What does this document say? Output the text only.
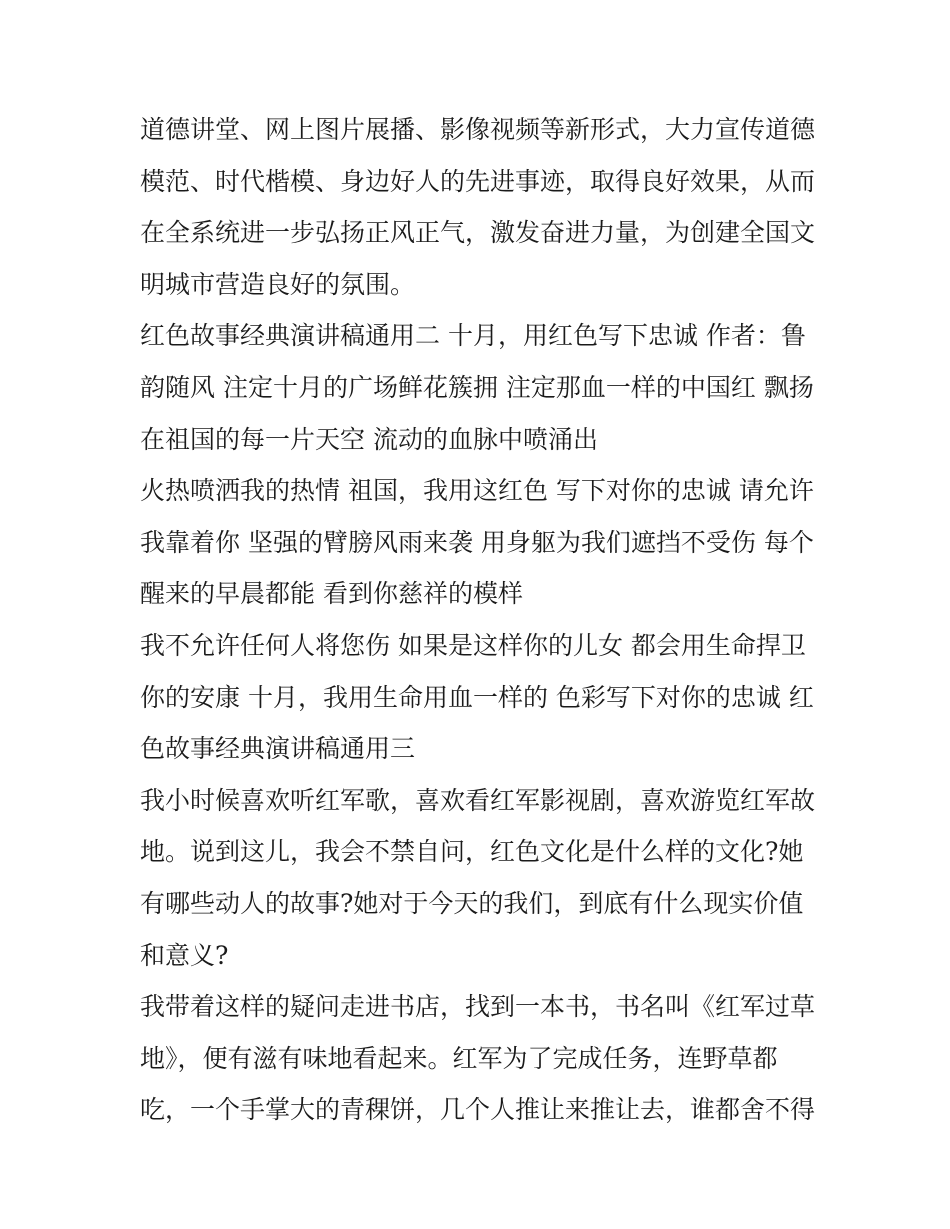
道德讲堂、网上图片展播、影像视频等新形式，大力宣传道德
模范、时代楷模、身边好人的先进事迹，取得良好效果，从而
在全系统进一步弘扬正风正气，激发奋进力量，为创建全国文
明城市营造良好的氛围。
红色故事经典演讲稿通用二 十月，用红色写下忠诚 作者：鲁
韵随风 注定十月的广场鲜花簇拥 注定那血一样的中国红 飘扬
在祖国的每一片天空 流动的血脉中喷涌出
火热喷洒我的热情 祖国，我用这红色 写下对你的忠诚 请允许
我靠着你 坚强的臂膀风雨来袭 用身躯为我们遮挡不受伤 每个
醒来的早晨都能 看到你慈祥的模样
我不允许任何人将您伤 如果是这样你的儿女 都会用生命捍卫
你的安康 十月，我用生命用血一样的 色彩写下对你的忠诚 红
色故事经典演讲稿通用三
我小时候喜欢听红军歌，喜欢看红军影视剧，喜欢游览红军故
地。说到这儿，我会不禁自问，红色文化是什么样的文化?她
有哪些动人的故事?她对于今天的我们，到底有什么现实价值
和意义?
我带着这样的疑问走进书店，找到一本书，书名叫《红军过草
地》，便有滋有味地看起来。红军为了完成任务，连野草都
吃，一个手掌大的青稞饼，几个人推让来推让去，谁都舍不得
